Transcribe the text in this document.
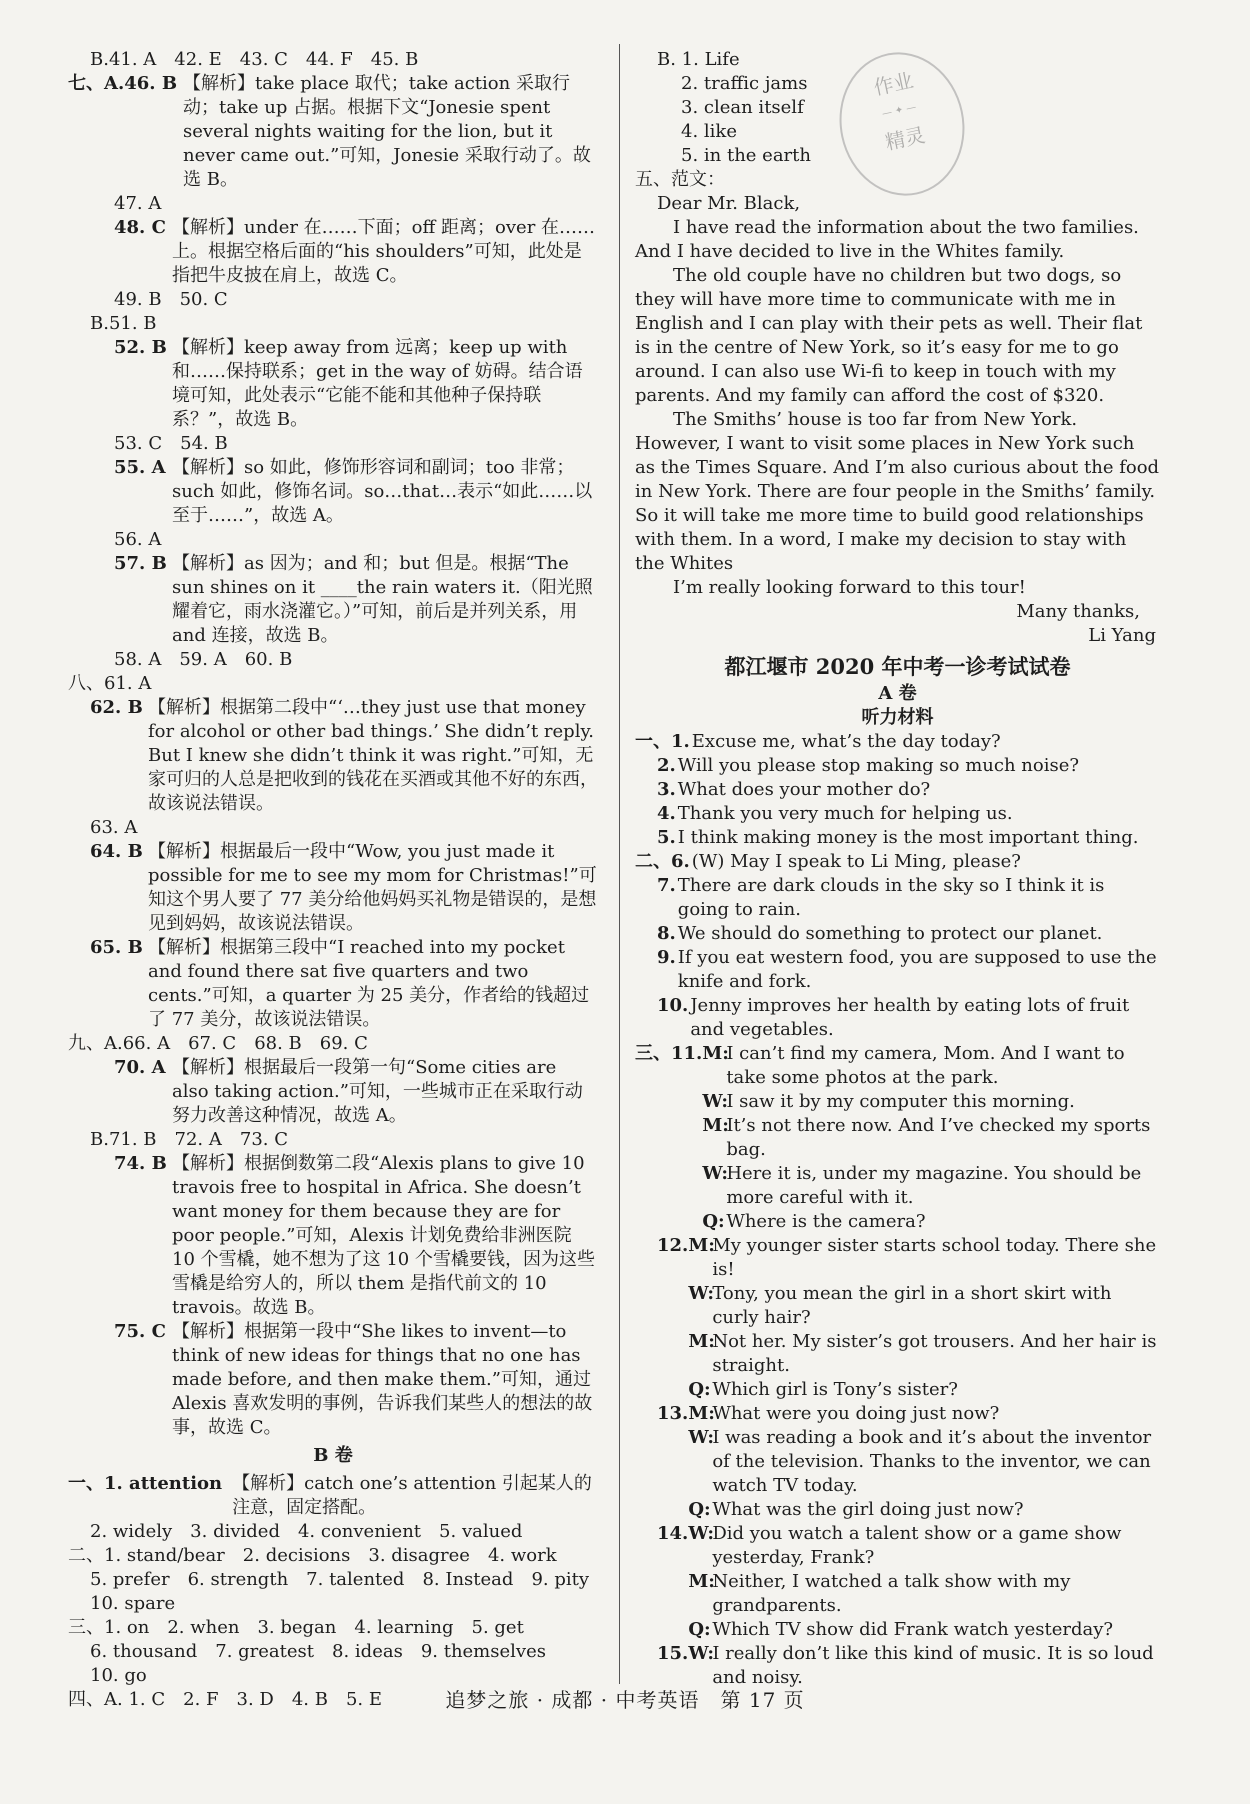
B.41. A 42. E 43. C 44. F 45. B
七、A.46. B 【解析】take place 取代；take action 采取行动；take up 占据。根据下文“Jonesie spent several nights waiting for the lion, but it never came out.”可知，Jonesie 采取行动了。故选 B。
47. A
48. C 【解析】under 在……下面；off 距离；over 在……上。根据空格后面的“his shoulders”可知，此处是指把牛皮披在肩上，故选 C。
49. B 50. C
B.51. B
52. B 【解析】keep away from 远离；keep up with 和……保持联系；get in the way of 妨碍。结合语境可知，此处表示“它能不能和其他种子保持联系？”，故选 B。
53. C 54. B
55. A 【解析】so 如此，修饰形容词和副词；too 非常；such 如此，修饰名词。so…that…表示“如此……以至于……”，故选 A。
56. A
57. B 【解析】as 因为；and 和；but 但是。根据“The sun shines on it ____the rain waters it.（阳光照耀着它，雨水浇灌它。）”可知，前后是并列关系，用 and 连接，故选 B。
58. A 59. A 60. B
八、61. A
62. B 【解析】根据第二段中“‘…they just use that money for alcohol or other bad things.’ She didn’t reply. But I knew she didn’t think it was right.”可知，无家可归的人总是把收到的钱花在买酒或其他不好的东西，故该说法错误。
63. A
64. B 【解析】根据最后一段中“Wow, you just made it possible for me to see my mom for Christmas!”可知这个男人要了 77 美分给他妈妈买礼物是错误的，是想见到妈妈，故该说法错误。
65. B 【解析】根据第三段中“I reached into my pocket and found there sat five quarters and two cents.”可知，a quarter 为 25 美分，作者给的钱超过了 77 美分，故该说法错误。
九、A.66. A 67. C 68. B 69. C
70. A 【解析】根据最后一段第一句“Some cities are also taking action.”可知，一些城市正在采取行动努力改善这种情况，故选 A。
B.71. B 72. A 73. C
74. B 【解析】根据倒数第二段“Alexis plans to give 10 travois free to hospital in Africa. She doesn’t want money for them because they are for poor people.”可知，Alexis 计划免费给非洲医院 10 个雪橇，她不想为了这 10 个雪橇要钱，因为这些雪橇是给穷人的，所以 them 是指代前文的 10 travois。故选 B。
75. C 【解析】根据第一段中“She likes to invent—to think of new ideas for things that no one has made before, and then make them.”可知，通过 Alexis 喜欢发明的事例，告诉我们某些人的想法的故事，故选 C。
B 卷
一、1. attention 【解析】catch one’s attention 引起某人的注意，固定搭配。
2. widely 3. divided 4. convenient 5. valued
二、1. stand/bear 2. decisions 3. disagree 4. work
5. prefer 6. strength 7. talented 8. Instead 9. pity
10. spare
三、1. on 2. when 3. began 4. learning 5. get
6. thousand 7. greatest 8. ideas 9. themselves
10. go
四、A. 1. C 2. F 3. D 4. B 5. E
B. 1. Life
2. traffic jams
3. clean itself
4. like
5. in the earth
五、范文：
Dear Mr. Black,

I have read the information about the two families. And I have decided to live in the Whites family.

The old couple have no children but two dogs, so they will have more time to communicate with me in English and I can play with their pets as well. Their flat is in the centre of New York, so it’s easy for me to go around. I can also use Wi-fi to keep in touch with my parents. And my family can afford the cost of $320.

The Smiths’ house is too far from New York. However, I want to visit some places in New York such as the Times Square. And I’m also curious about the food in New York. There are four people in the Smiths’ family. So it will take me more time to build good relationships with them. In a word, I make my decision to stay with the Whites

I’m really looking forward to this tour!

Many thanks,
Li Yang
都江堰市 2020 年中考一诊考试试卷
A 卷
听力材料
一、1. Excuse me, what’s the day today?
2. Will you please stop making so much noise?
3. What does your mother do?
4. Thank you very much for helping us.
5. I think making money is the most important thing.
二、6. (W) May I speak to Li Ming, please?
7. There are dark clouds in the sky so I think it is going to rain.
8. We should do something to protect our planet.
9. If you eat western food, you are supposed to use the knife and fork.
10. Jenny improves her health by eating lots of fruit and vegetables.
三、11. M:
I can’t find my camera, Mom. And I want to take some photos at the park.
W:
I saw it by my computer this morning.
M:
It’s not there now. And I’ve checked my sports bag.
W:
Here it is, under my magazine. You should be more careful with it.
Q: Where is the camera?
12. M:
My younger sister starts school today. There she is!
W:
Tony, you mean the girl in a short skirt with curly hair?
M:
Not her. My sister’s got trousers. And her hair is straight.
Q: Which girl is Tony’s sister?
13. M:
What were you doing just now?
W:
I was reading a book and it’s about the inventor of the television. Thanks to the inventor, we can watch TV today.
Q: What was the girl doing just now?
14. W:
Did you watch a talent show or a game show yesterday, Frank?
M:
Neither, I watched a talk show with my grandparents.
Q: Which TV show did Frank watch yesterday?
15. W:
I really don’t like this kind of music. It is so loud and noisy.
作业
— ✦ —
精灵
追梦之旅 · 成都 · 中考英语　第 17 页
